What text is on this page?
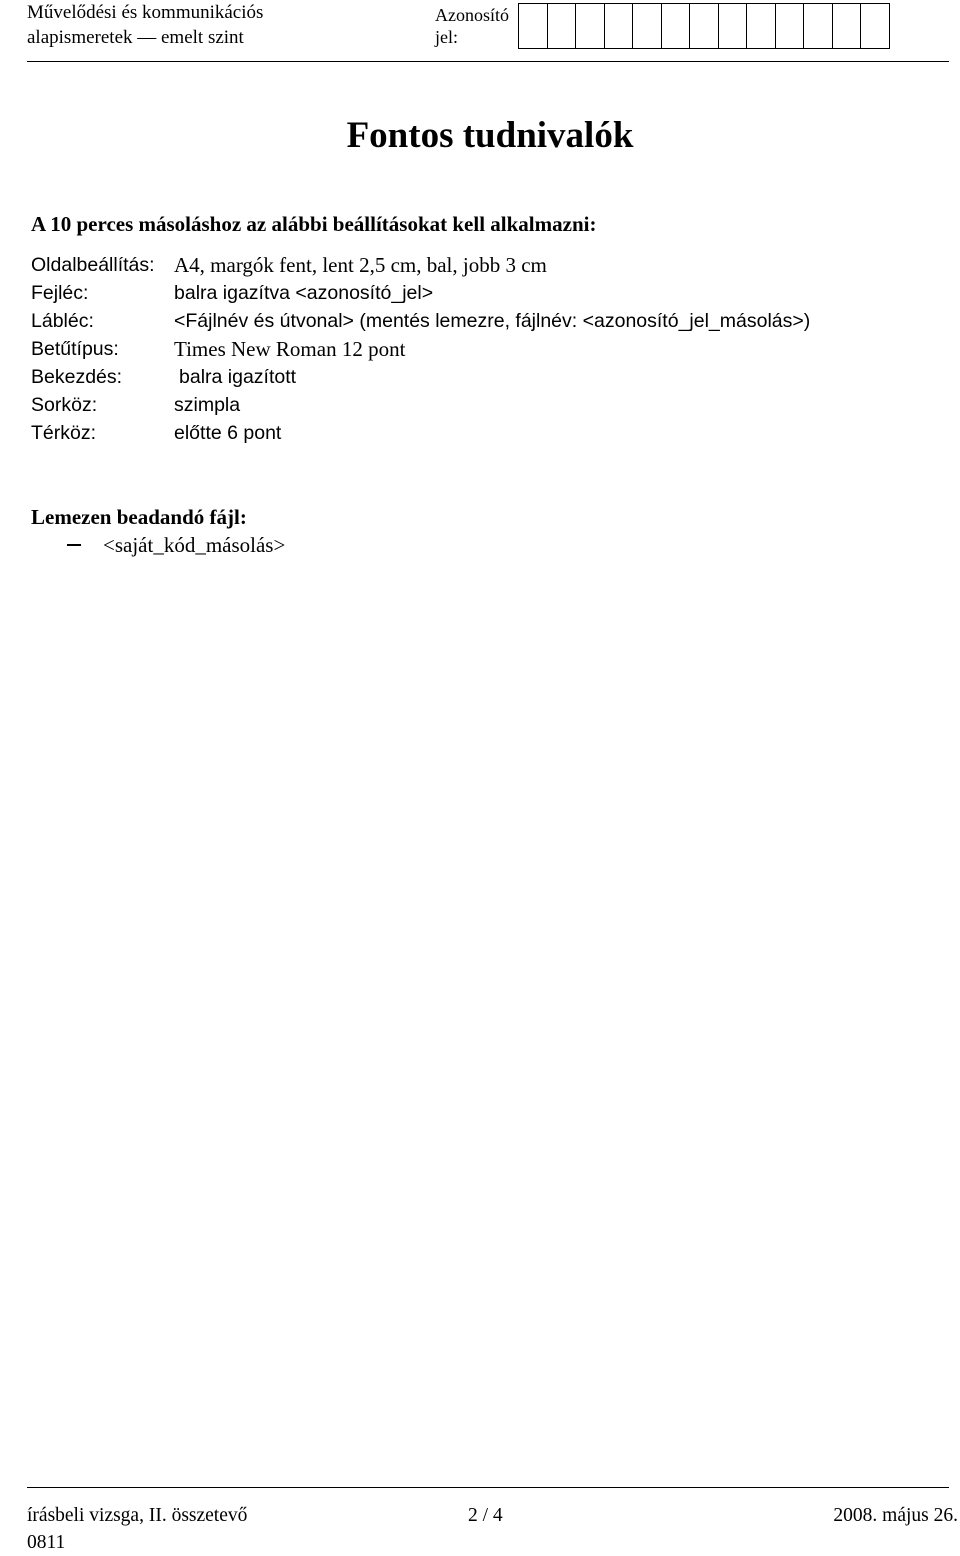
Művelődési és kommunikációs
alapismeretek — emelt szint
Azonosító
jel:
Fontos tudnivalók
A 10 perces másoláshoz az alábbi beállításokat kell alkalmazni:
Oldalbeállítás: A4, margók fent, lent 2,5 cm, bal, jobb 3 cm
Fejléc:	balra igazítva <azonosító_jel>
Lábléc:	<Fájlnév és útvonal> (mentés lemezre, fájlnév: <azonosító_jel_másolás>)
Betűtípus:	Times New Roman 12 pont
Bekezdés:	balra igazított
Sorköz:	szimpla
Térköz:	előtte 6 pont
Lemezen beadandó fájl:
<saját_kód_másolás>
írásbeli vizsga, II. összetevő	2 / 4	2008. május 26.
0811
